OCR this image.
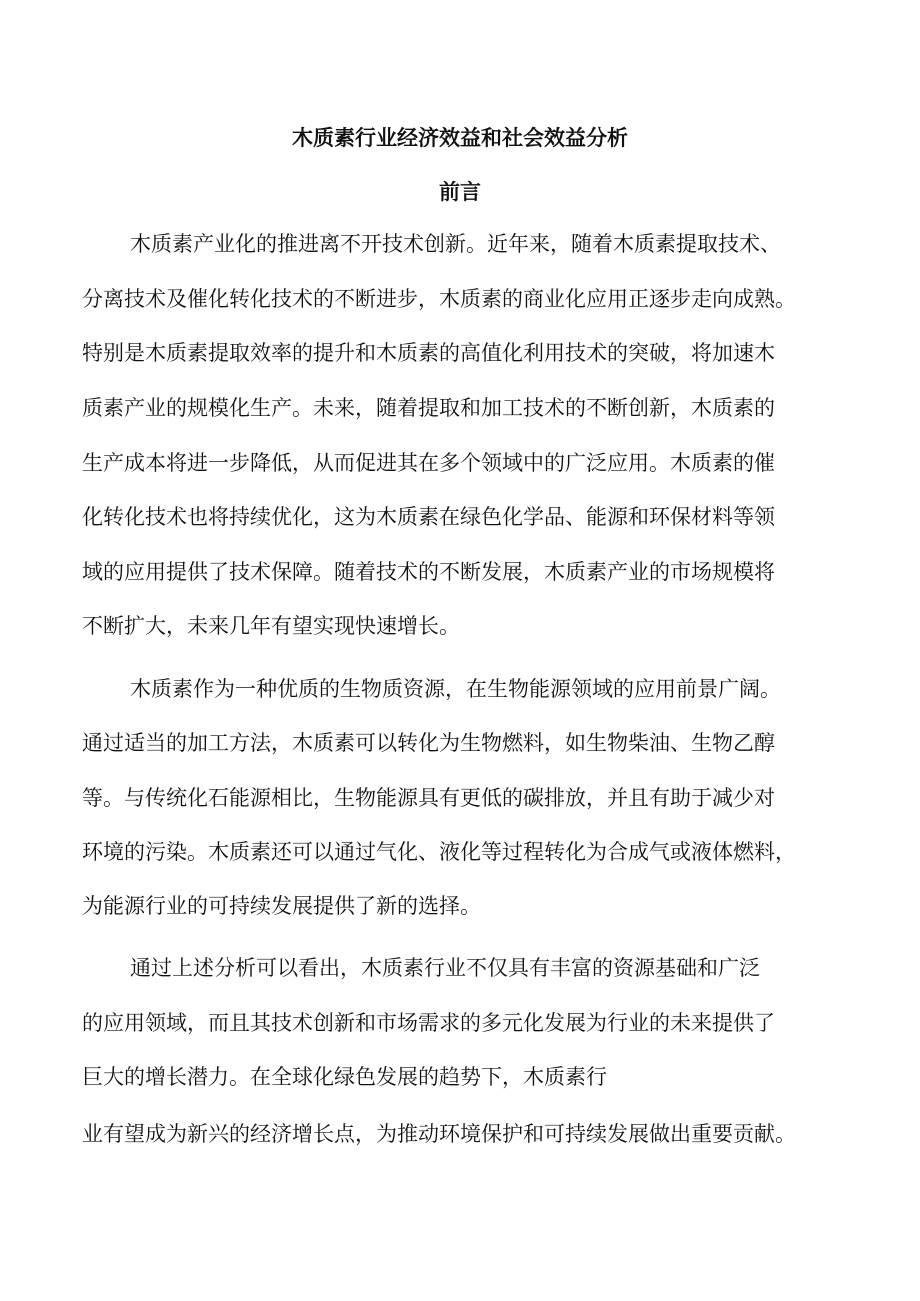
木质素行业经济效益和社会效益分析
前言
木质素产业化的推进离不开技术创新。近年来，随着木质素提取技术、
分离技术及催化转化技术的不断进步，木质素的商业化应用正逐步走向成熟。
特别是木质素提取效率的提升和木质素的高值化利用技术的突破，将加速木
质素产业的规模化生产。未来，随着提取和加工技术的不断创新，木质素的
生产成本将进一步降低，从而促进其在多个领域中的广泛应用。木质素的催
化转化技术也将持续优化，这为木质素在绿色化学品、能源和环保材料等领
域的应用提供了技术保障。随着技术的不断发展，木质素产业的市场规模将
不断扩大，未来几年有望实现快速增长。
木质素作为一种优质的生物质资源，在生物能源领域的应用前景广阔。
通过适当的加工方法，木质素可以转化为生物燃料，如生物柴油、生物乙醇
等。与传统化石能源相比，生物能源具有更低的碳排放，并且有助于减少对
环境的污染。木质素还可以通过气化、液化等过程转化为合成气或液体燃料，
为能源行业的可持续发展提供了新的选择。
通过上述分析可以看出，木质素行业不仅具有丰富的资源基础和广泛
的应用领域，而且其技术创新和市场需求的多元化发展为行业的未来提供了
巨大的增长潜力。在全球化绿色发展的趋势下，木质素行
业有望成为新兴的经济增长点，为推动环境保护和可持续发展做出重要贡献。
